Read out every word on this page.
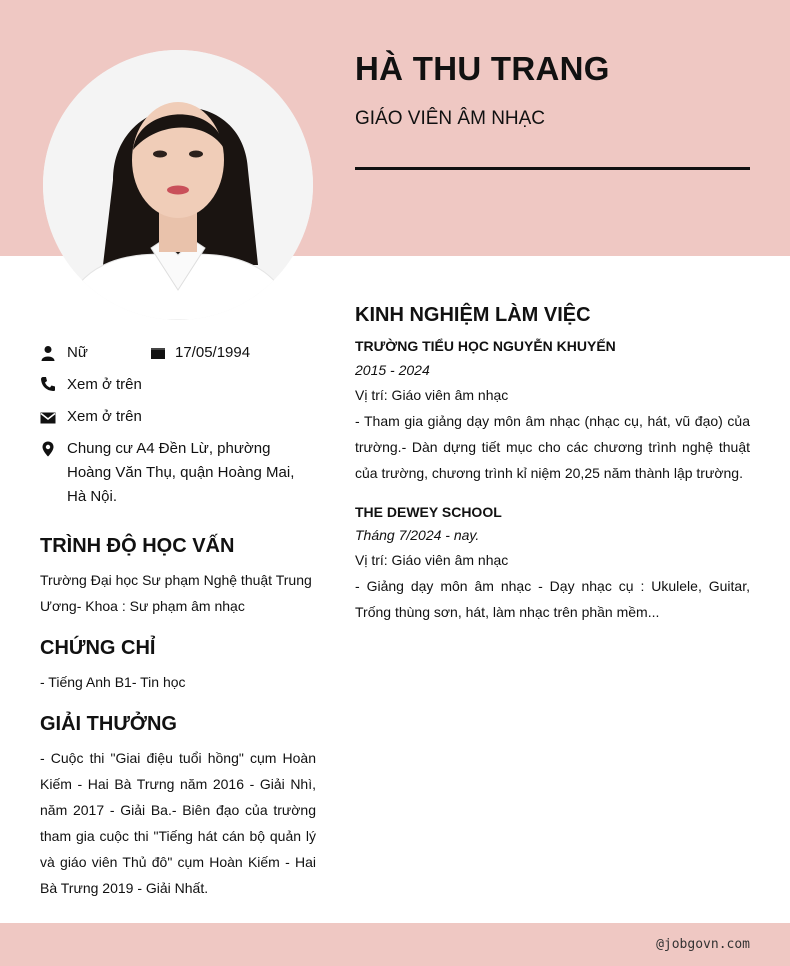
HÀ THU TRANG
GIÁO VIÊN ÂM NHẠC
Nữ	17/05/1994
Xem ở trên
Xem ở trên
Chung cư A4 Đền Lừ, phường Hoàng Văn Thụ, quận Hoàng Mai, Hà Nội.
TRÌNH ĐỘ HỌC VẤN

Trường Đại học Sư phạm Nghệ thuật Trung Ương- Khoa : Sư phạm âm nhạc

CHỨNG CHỈ

- Tiếng Anh B1- Tin học

GIẢI THƯỞNG

- Cuộc thi "Giai điệu tuổi hồng" cụm Hoàn Kiếm - Hai Bà Trưng năm 2016 - Giải Nhì, năm 2017 - Giải Ba.- Biên đạo của trường tham gia cuộc thi "Tiếng hát cán bộ quản lý và giáo viên Thủ đô" cụm Hoàn Kiếm - Hai Bà Trưng 2019 - Giải Nhất.

KINH NGHIỆM LÀM VIỆC
TRƯỜNG TIỂU HỌC NGUYỄN KHUYẾN
2015 - 2024
Vị trí: Giáo viên âm nhạc

- Tham gia giảng dạy môn âm nhạc (nhạc cụ, hát, vũ đạo) của trường.- Dàn dựng tiết mục cho các chương trình nghệ thuật của trường, chương trình kỉ niệm 20,25 năm thành lập trường.

THE DEWEY SCHOOL
Tháng 7/2024 - nay.
Vị trí: Giáo viên âm nhạc

- Giảng dạy môn âm nhạc - Dạy nhạc cụ : Ukulele, Guitar, Trống thùng sơn, hát, làm nhạc trên phần mềm...

@jobgovn.com
